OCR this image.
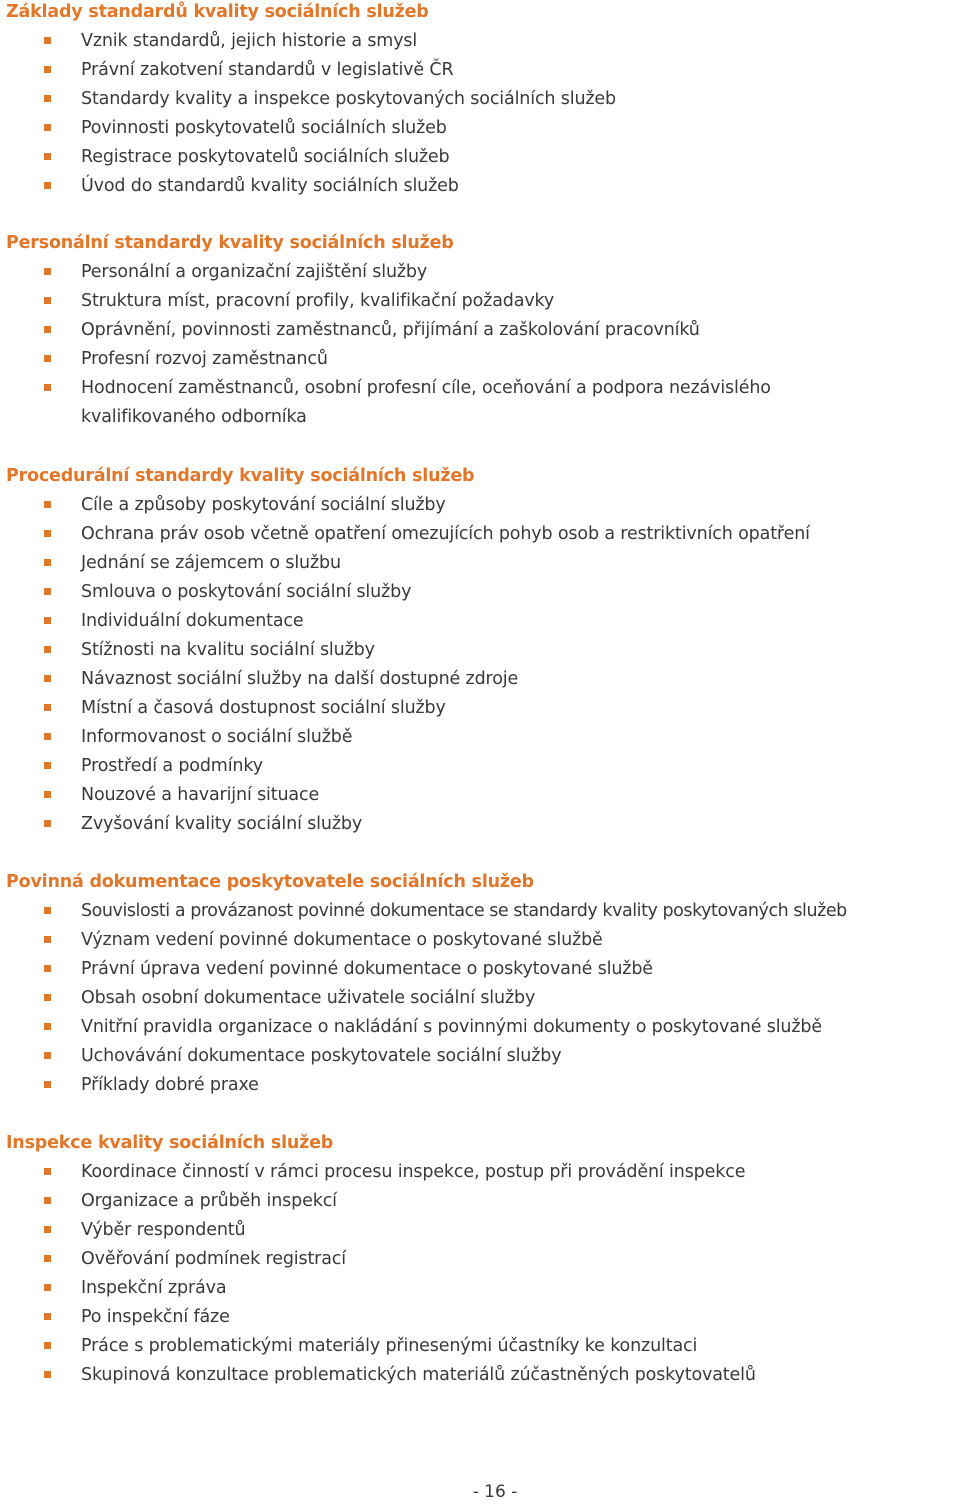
Základy standardů kvality sociálních služeb
Vznik standardů, jejich historie a smysl
Právní zakotvení standardů v legislativě ČR
Standardy kvality a inspekce poskytovaných sociálních služeb
Povinnosti poskytovatelů sociálních služeb
Registrace poskytovatelů sociálních služeb
Úvod do standardů kvality sociálních služeb
Personální standardy kvality sociálních služeb
Personální a organizační zajištění služby
Struktura míst, pracovní profily, kvalifikační požadavky
Oprávnění, povinnosti zaměstnanců, přijímání a zaškolování pracovníků
Profesní rozvoj zaměstnanců
Hodnocení zaměstnanců, osobní profesní cíle, oceňování a podpora nezávislého kvalifikovaného odborníka
Procedurální standardy kvality sociálních služeb
Cíle a způsoby poskytování sociální služby
Ochrana práv osob včetně opatření omezujících pohyb osob a restriktivních opatření
Jednání se zájemcem o službu
Smlouva o poskytování sociální služby
Individuální dokumentace
Stížnosti na kvalitu sociální služby
Návaznost sociální služby na další dostupné zdroje
Místní a časová dostupnost sociální služby
Informovanost o sociální službě
Prostředí a podmínky
Nouzové a havarijní situace
Zvyšování kvality sociální služby
Povinná dokumentace poskytovatele sociálních služeb
Souvislosti a provázanost povinné dokumentace se standardy kvality poskytovaných služeb
Význam vedení povinné dokumentace o poskytované službě
Právní úprava vedení povinné dokumentace o poskytované službě
Obsah osobní dokumentace uživatele sociální služby
Vnitřní pravidla organizace o nakládání s povinnými dokumenty o poskytované službě
Uchovávání dokumentace poskytovatele sociální služby
Příklady dobré praxe
Inspekce kvality sociálních služeb
Koordinace činností v rámci procesu inspekce, postup při provádění inspekce
Organizace a průběh inspekcí
Výběr respondentů
Ověřování podmínek registrací
Inspekční zpráva
Po inspekční fáze
Práce s problematickými materiály přinesenými účastníky ke konzultaci
Skupinová konzultace problematických materiálů zúčastněných poskytovatelů
- 16 -
